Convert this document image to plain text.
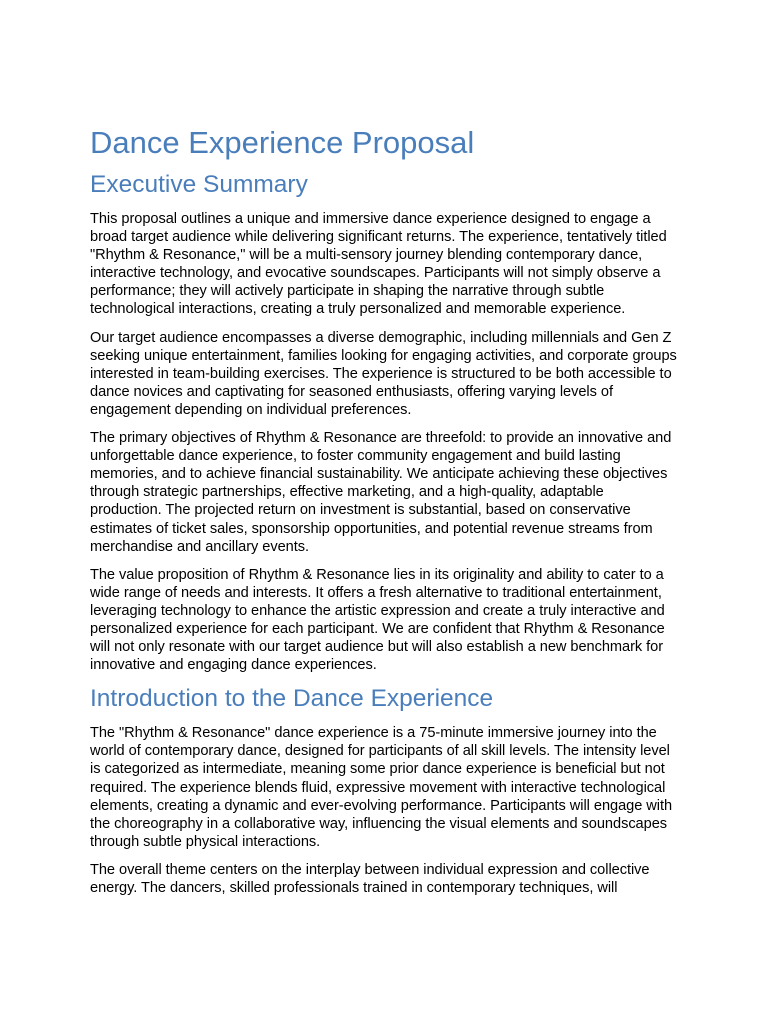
Dance Experience Proposal
Executive Summary

This proposal outlines a unique and immersive dance experience designed to engage a broad target audience while delivering significant returns. The experience, tentatively titled "Rhythm & Resonance," will be a multi-sensory journey blending contemporary dance, interactive technology, and evocative soundscapes. Participants will not simply observe a performance; they will actively participate in shaping the narrative through subtle technological interactions, creating a truly personalized and memorable experience.

Our target audience encompasses a diverse demographic, including millennials and Gen Z seeking unique entertainment, families looking for engaging activities, and corporate groups interested in team-building exercises. The experience is structured to be both accessible to dance novices and captivating for seasoned enthusiasts, offering varying levels of engagement depending on individual preferences.

The primary objectives of Rhythm & Resonance are threefold: to provide an innovative and unforgettable dance experience, to foster community engagement and build lasting memories, and to achieve financial sustainability. We anticipate achieving these objectives through strategic partnerships, effective marketing, and a high-quality, adaptable production. The projected return on investment is substantial, based on conservative estimates of ticket sales, sponsorship opportunities, and potential revenue streams from merchandise and ancillary events.

The value proposition of Rhythm & Resonance lies in its originality and ability to cater to a wide range of needs and interests. It offers a fresh alternative to traditional entertainment, leveraging technology to enhance the artistic expression and create a truly interactive and personalized experience for each participant. We are confident that Rhythm & Resonance will not only resonate with our target audience but will also establish a new benchmark for innovative and engaging dance experiences.

Introduction to the Dance Experience

The "Rhythm & Resonance" dance experience is a 75-minute immersive journey into the world of contemporary dance, designed for participants of all skill levels. The intensity level is categorized as intermediate, meaning some prior dance experience is beneficial but not required. The experience blends fluid, expressive movement with interactive technological elements, creating a dynamic and ever-evolving performance. Participants will engage with the choreography in a collaborative way, influencing the visual elements and soundscapes through subtle physical interactions.

The overall theme centers on the interplay between individual expression and collective energy. The dancers, skilled professionals trained in contemporary techniques, will
